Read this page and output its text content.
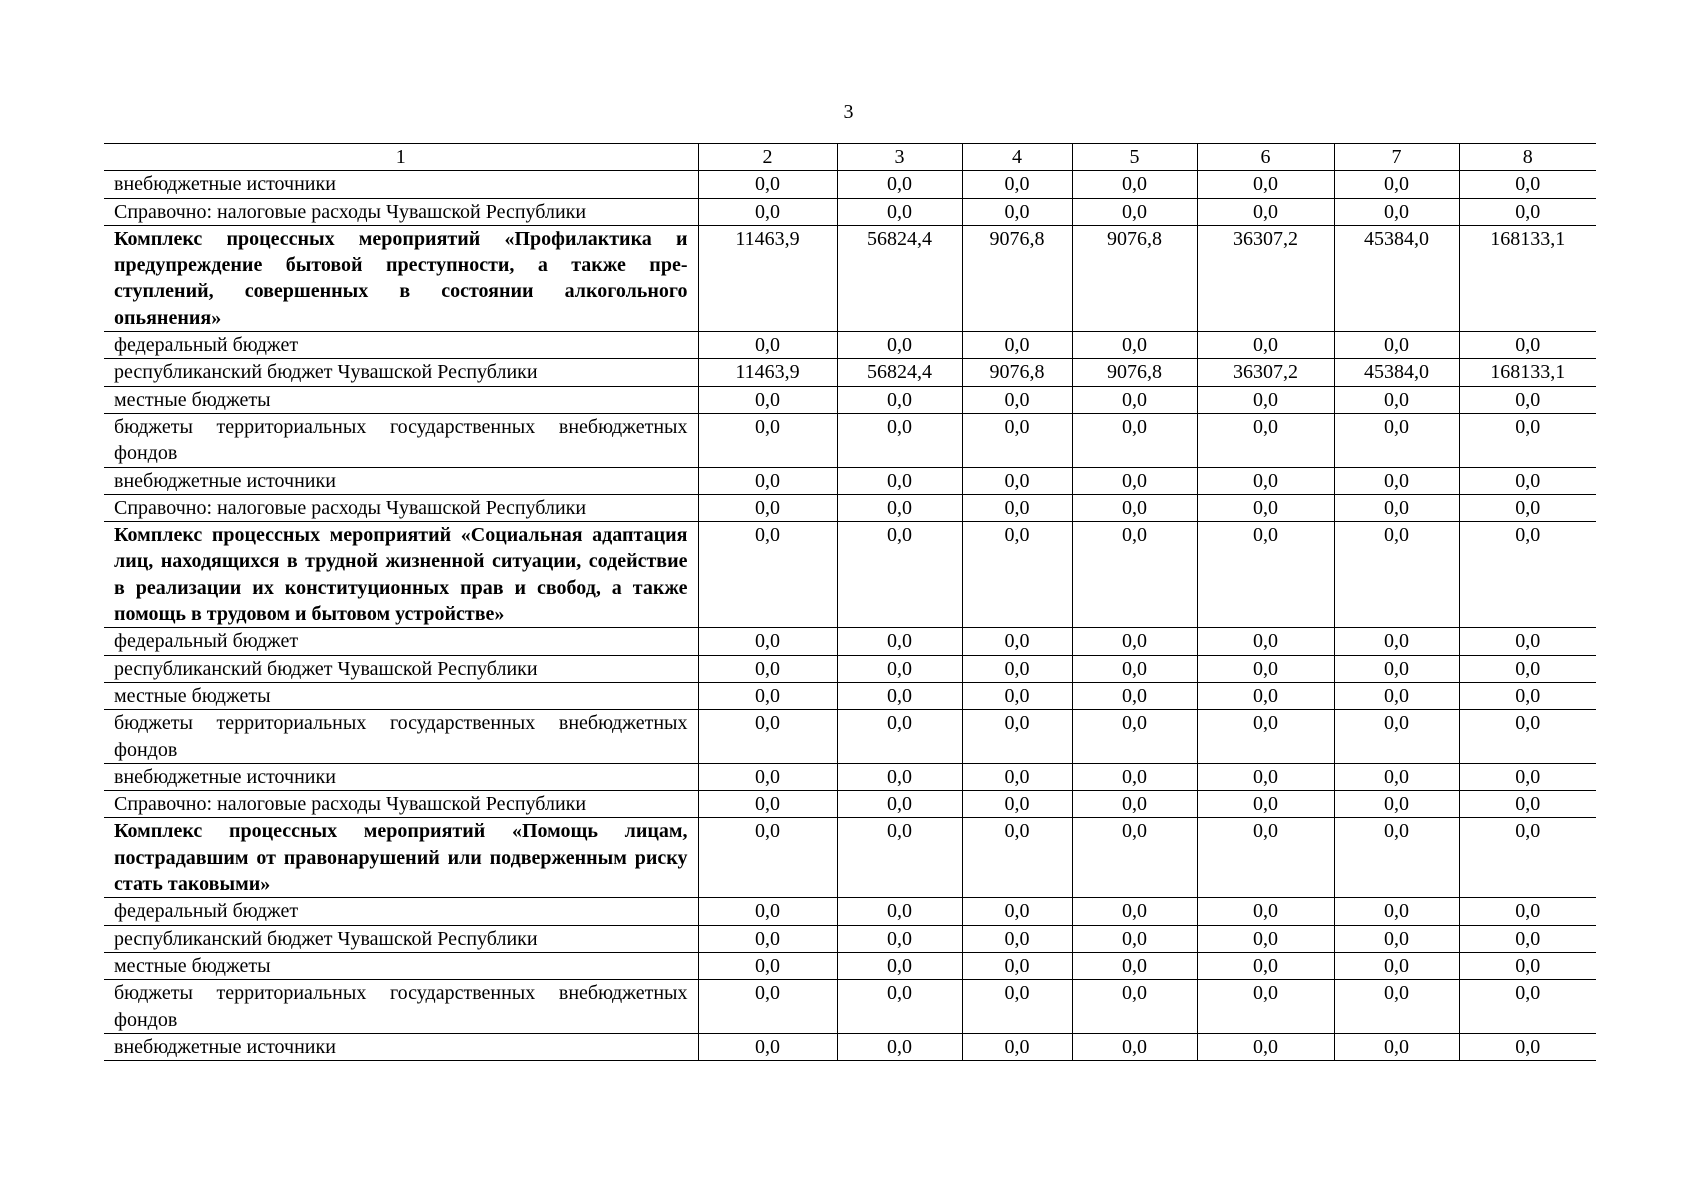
3
1	2	3	4	5	6	7	8
внебюджетные источники	0,0	0,0	0,0	0,0	0,0	0,0	0,0
Справочно: налоговые расходы Чувашской Республики	0,0	0,0	0,0	0,0	0,0	0,0	0,0
Комплекс процессных мероприятий «Профилактика и предупреждение бытовой преступности, а также преступлений, совершенных в состоянии алкогольного опьянения»	11463,9	56824,4	9076,8	9076,8	36307,2	45384,0	168133,1
федеральный бюджет	0,0	0,0	0,0	0,0	0,0	0,0	0,0
республиканский бюджет Чувашской Республики	11463,9	56824,4	9076,8	9076,8	36307,2	45384,0	168133,1
местные бюджеты	0,0	0,0	0,0	0,0	0,0	0,0	0,0
бюджеты территориальных государственных внебюджетных фондов	0,0	0,0	0,0	0,0	0,0	0,0	0,0
внебюджетные источники	0,0	0,0	0,0	0,0	0,0	0,0	0,0
Справочно: налоговые расходы Чувашской Республики	0,0	0,0	0,0	0,0	0,0	0,0	0,0
Комплекс процессных мероприятий «Социальная адаптация лиц, находящихся в трудной жизненной ситуации, содействие в реализации их конституционных прав и свобод, а также помощь в трудовом и бытовом устройстве»	0,0	0,0	0,0	0,0	0,0	0,0	0,0
федеральный бюджет	0,0	0,0	0,0	0,0	0,0	0,0	0,0
республиканский бюджет Чувашской Республики	0,0	0,0	0,0	0,0	0,0	0,0	0,0
местные бюджеты	0,0	0,0	0,0	0,0	0,0	0,0	0,0
бюджеты территориальных государственных внебюджетных фондов	0,0	0,0	0,0	0,0	0,0	0,0	0,0
внебюджетные источники	0,0	0,0	0,0	0,0	0,0	0,0	0,0
Справочно: налоговые расходы Чувашской Республики	0,0	0,0	0,0	0,0	0,0	0,0	0,0
Комплекс процессных мероприятий «Помощь лицам, пострадавшим от правонарушений или подверженным риску стать таковыми»	0,0	0,0	0,0	0,0	0,0	0,0	0,0
федеральный бюджет	0,0	0,0	0,0	0,0	0,0	0,0	0,0
республиканский бюджет Чувашской Республики	0,0	0,0	0,0	0,0	0,0	0,0	0,0
местные бюджеты	0,0	0,0	0,0	0,0	0,0	0,0	0,0
бюджеты территориальных государственных внебюджетных фондов	0,0	0,0	0,0	0,0	0,0	0,0	0,0
внебюджетные источники	0,0	0,0	0,0	0,0	0,0	0,0	0,0
